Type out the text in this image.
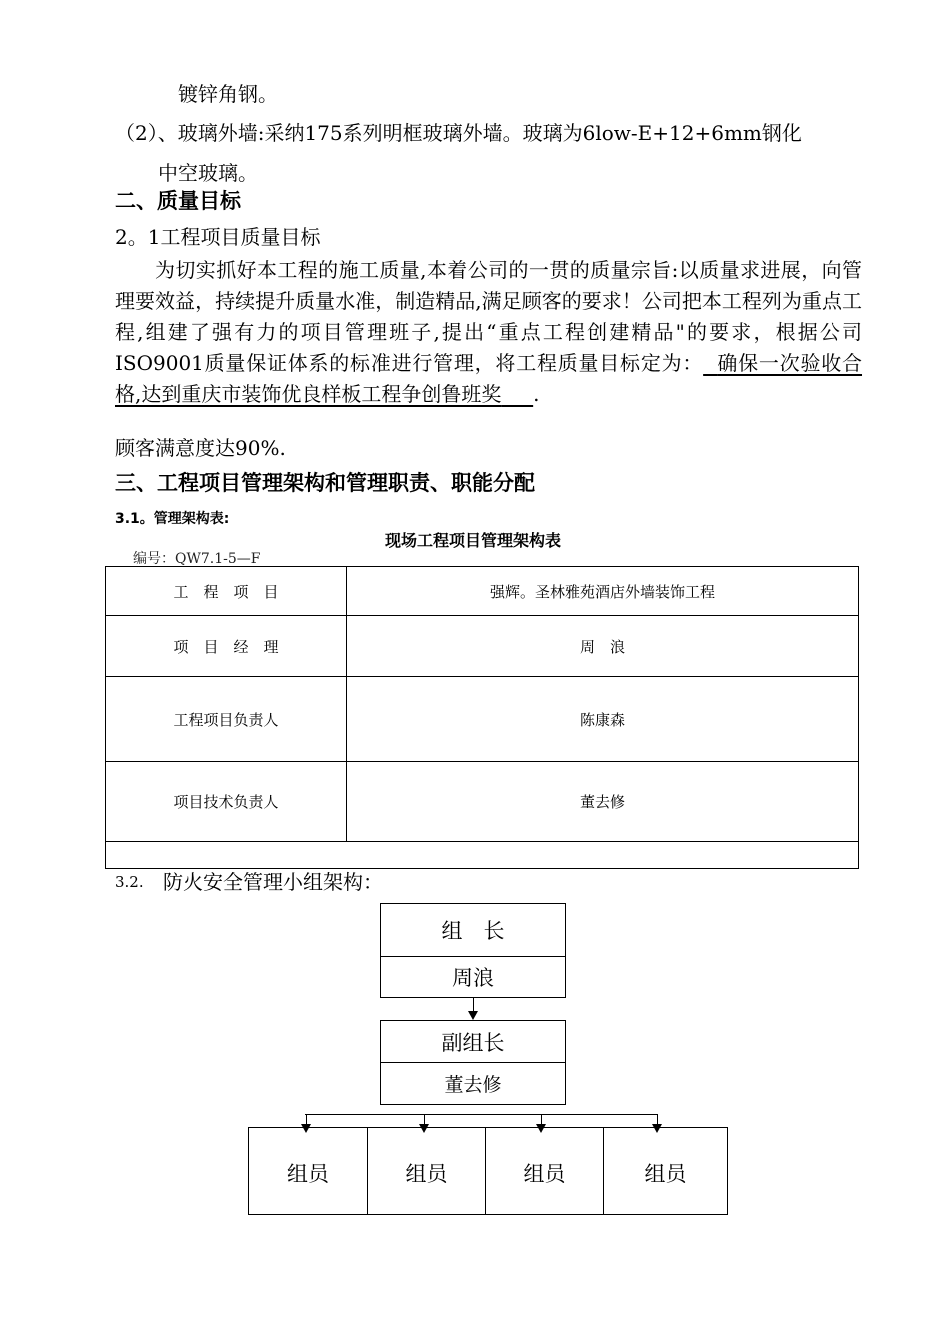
镀锌角钢。
（2）、玻璃外墙:采纳175系列明框玻璃外墙。玻璃为6low-E+12+6mm钢化
中空玻璃。
二、质量目标
2。1工程项目质量目标
为切实抓好本工程的施工质量,本着公司的一贯的质量宗旨:以质量求进展，向管理要效益，持续提升质量水准，制造精品,满足顾客的要求！公司把本工程列为重点工程,组建了强有力的项目管理班子,提出“重点工程创建精品"的要求，根据公司ISO9001质量保证体系的标准进行管理，将工程质量目标定为： 确保一次验收合格,达到重庆市装饰优良样板工程争创鲁班奖 .
顾客满意度达90%.
三、工程项目管理架构和管理职责、职能分配
3.1。管理架构表:
现场工程项目管理架构表
编号：QW7.1-5—F
工　程　项　目	强辉。圣林雅苑酒店外墙装饰工程
项　目　经　理	周　浪
工程项目负责人	陈康森
项目技术负责人	董去修

3.2. 防火安全管理小组架构：
组　长
周浪
副组长
董去修
组员	组员	组员	组员
